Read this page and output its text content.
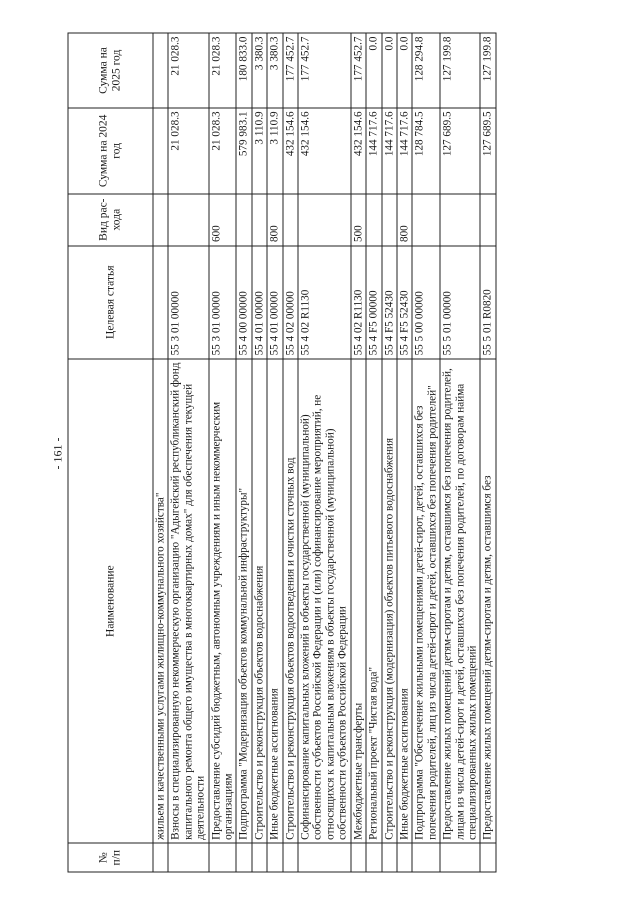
- 161 -
№ п/п	Наименование	Целевая статья	Вид рас-хода	Сумма на 2024 год	Сумма на 2025 год
	жильем и качественными услугами жилищно-коммунального хозяйства"				
	Взносы в специализированную некоммерческую организацию "Адыгейский республиканский фонд капитального ремонта общего имущества в многоквартирных домах" для обеспечения текущей деятельности	55 3 01 00000		21 028.3	21 028.3
	Предоставление субсидий бюджетным, автономным учреждениям и иным некоммерческим организациям	55 3 01 00000	600	21 028.3	21 028.3
	Подпрограмма "Модернизация объектов коммунальной инфраструктуры"	55 4 00 00000		579 983.1	180 833.0
	Строительство и реконструкция объектов водоснабжения	55 4 01 00000		3 110.9	3 380.3
	Иные бюджетные ассигнования	55 4 01 00000	800	3 110.9	3 380.3
	Строительство и реконструкция объектов водоотведения и очистки сточных вод	55 4 02 00000		432 154.6	177 452.7
	Софинансирование капитальных вложений в объекты государственной (муниципальной) собственности субъектов Российской Федерации и (или) софинансирование мероприятий, не относящихся к капитальным вложениям в объекты государственной (муниципальной) собственности субъектов Российской Федерации	55 4 02 R1130		432 154.6	177 452.7
	Межбюджетные трансферты	55 4 02 R1130	500	432 154.6	177 452.7
	Региональный проект "Чистая вода"	55 4 F5 00000		144 717.6	0.0
	Строительство и реконструкция (модернизация) объектов питьевого водоснабжения	55 4 F5 52430		144 717.6	0.0
	Иные бюджетные ассигнования	55 4 F5 52430	800	144 717.6	0.0
	Подпрограмма "Обеспечение жильными помещениями детей-сирот, детей, оставшихся без попечения родителей, лиц из числа детей-сирот и детей, оставшихся без попечения родителей"	55 5 00 00000		128 784.5	128 294.8
	Предоставление жилых помещений детям-сиротам и детям, оставшимся без попечения родителей, лицам из числа детей-сирот и детей, оставшихся без попечения родителей, по договорам найма специализированных жилых помещений	55 5 01 00000		127 689.5	127 199.8
	Предоставление жилых помещений детям-сиротам и детям, оставшимся без	55 5 01 R0820		127 689.5	127 199.8
